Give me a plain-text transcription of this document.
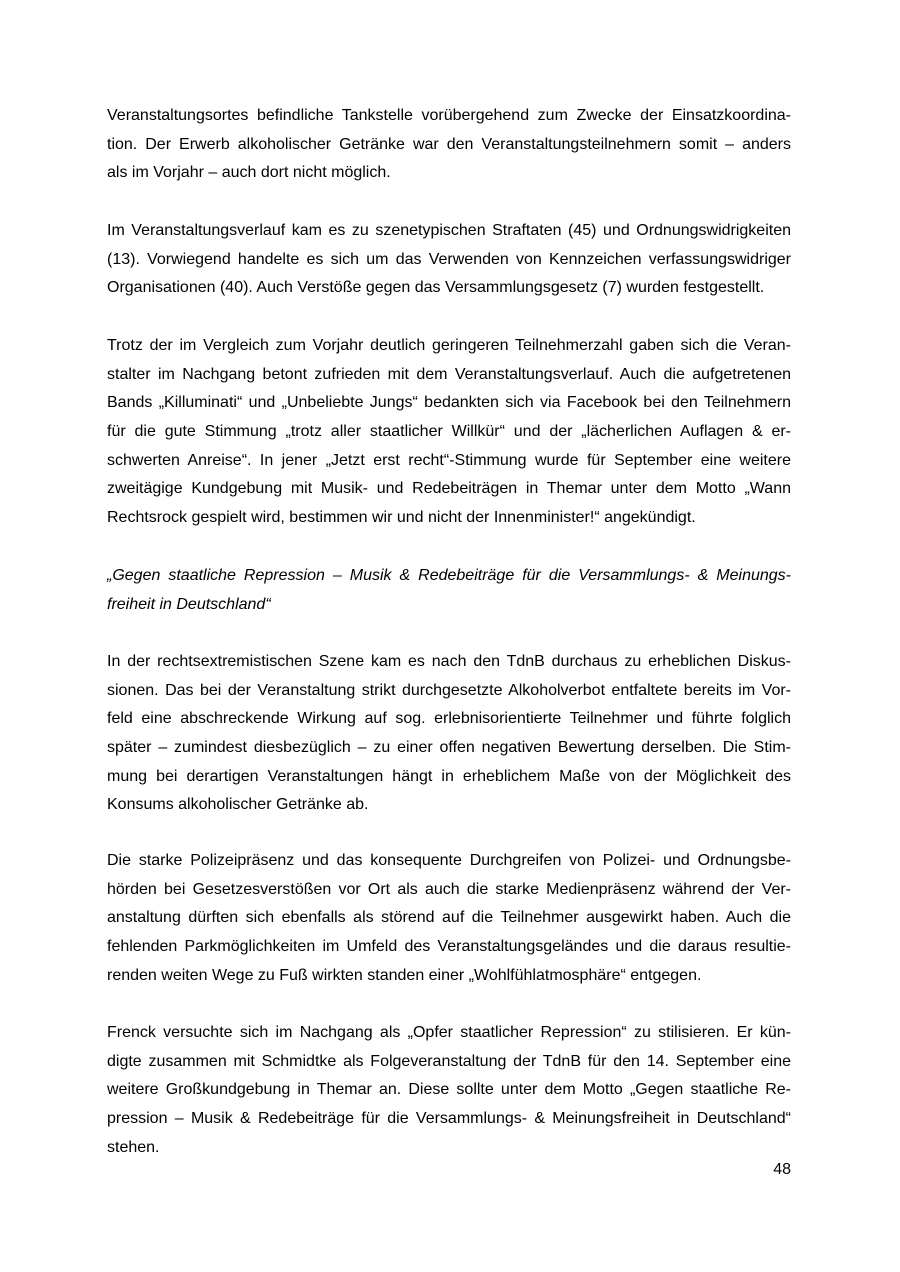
Veranstaltungsortes befindliche Tankstelle vorübergehend zum Zwecke der Einsatzkoordina-
tion. Der Erwerb alkoholischer Getränke war den Veranstaltungsteilnehmern somit – anders
als im Vorjahr – auch dort nicht möglich.
Im Veranstaltungsverlauf kam es zu szenetypischen Straftaten (45) und Ordnungswidrigkeiten
(13). Vorwiegend handelte es sich um das Verwenden von Kennzeichen verfassungswidriger
Organisationen (40). Auch Verstöße gegen das Versammlungsgesetz (7) wurden festgestellt.
Trotz der im Vergleich zum Vorjahr deutlich geringeren Teilnehmerzahl gaben sich die Veran-
stalter im Nachgang betont zufrieden mit dem Veranstaltungsverlauf. Auch die aufgetretenen
Bands „Killuminati“ und „Unbeliebte Jungs“ bedankten sich via Facebook bei den Teilnehmern
für die gute Stimmung „trotz aller staatlicher Willkür“ und der „lächerlichen Auflagen & er-
schwerten Anreise“. In jener „Jetzt erst recht“-Stimmung wurde für September eine weitere
zweitägige Kundgebung mit Musik- und Redebeiträgen in Themar unter dem Motto „Wann
Rechtsrock gespielt wird, bestimmen wir und nicht der Innenminister!“ angekündigt.
„Gegen staatliche Repression – Musik & Redebeiträge für die Versammlungs- & Meinungs-
freiheit in Deutschland“
In der rechtsextremistischen Szene kam es nach den TdnB durchaus zu erheblichen Diskus-
sionen. Das bei der Veranstaltung strikt durchgesetzte Alkoholverbot entfaltete bereits im Vor-
feld eine abschreckende Wirkung auf sog. erlebnisorientierte Teilnehmer und führte folglich
später – zumindest diesbezüglich – zu einer offen negativen Bewertung derselben. Die Stim-
mung bei derartigen Veranstaltungen hängt in erheblichem Maße von der Möglichkeit des
Konsums alkoholischer Getränke ab.
Die starke Polizeipräsenz und das konsequente Durchgreifen von Polizei- und Ordnungsbe-
hörden bei Gesetzesverstößen vor Ort als auch die starke Medienpräsenz während der Ver-
anstaltung dürften sich ebenfalls als störend auf die Teilnehmer ausgewirkt haben. Auch die
fehlenden Parkmöglichkeiten im Umfeld des Veranstaltungsgeländes und die daraus resultie-
renden weiten Wege zu Fuß wirkten standen einer „Wohlfühlatmosphäre“ entgegen.
Frenck versuchte sich im Nachgang als „Opfer staatlicher Repression“ zu stilisieren. Er kün-
digte zusammen mit Schmidtke als Folgeveranstaltung der TdnB für den 14. September eine
weitere Großkundgebung in Themar an. Diese sollte unter dem Motto „Gegen staatliche Re-
pression – Musik & Redebeiträge für die Versammlungs- & Meinungsfreiheit in Deutschland“
stehen.
48
